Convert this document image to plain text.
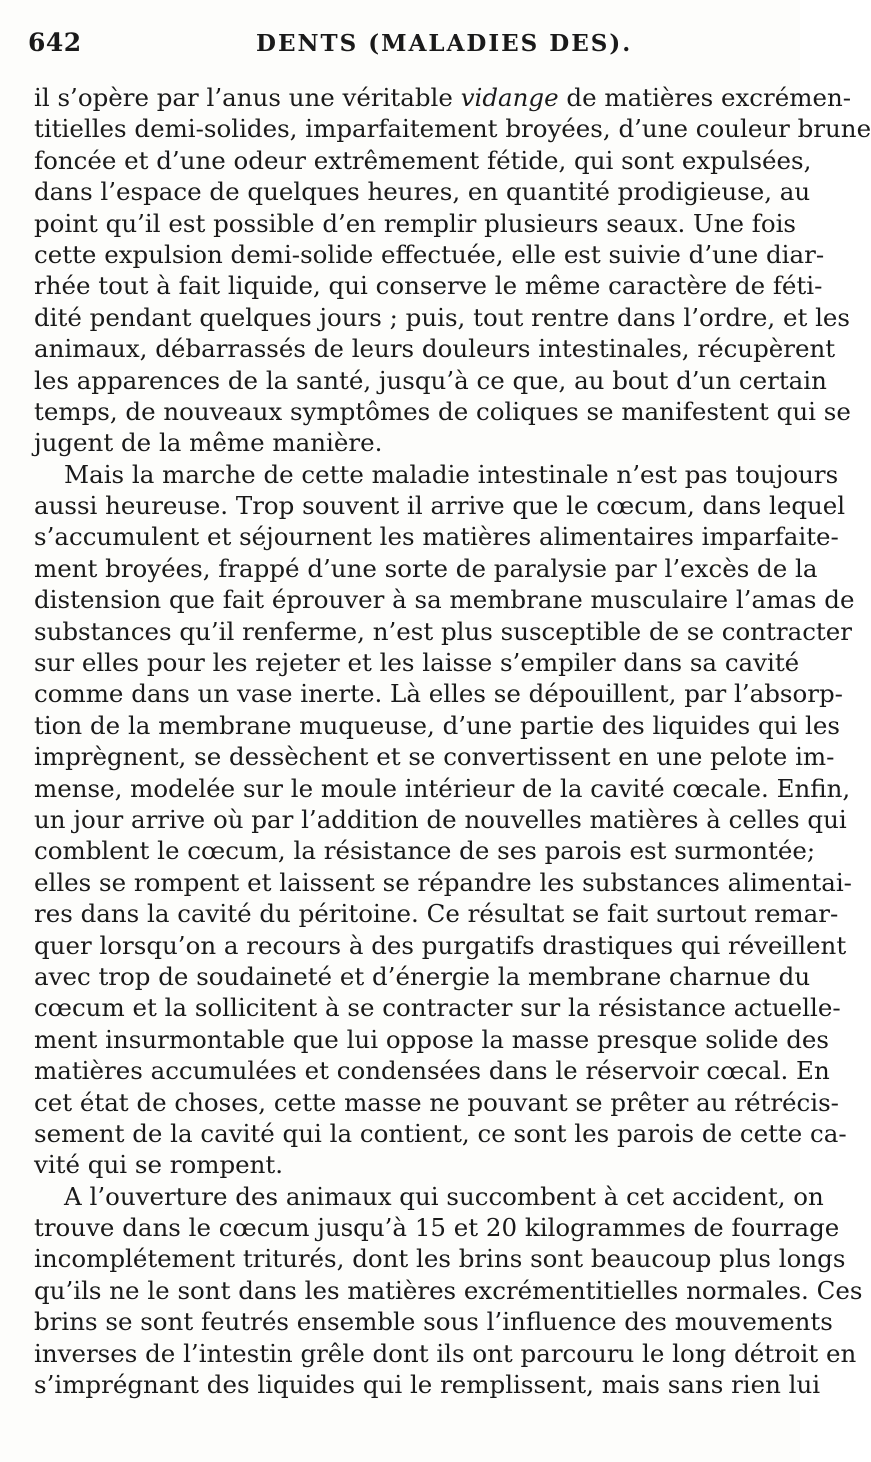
642	DENTS (MALADIES DES).
il s’opère par l’anus une véritable vidange de matières excrémen-
titielles demi-solides, imparfaitement broyées, d’une couleur brune
foncée et d’une odeur extrêmement fétide, qui sont expulsées,
dans l’espace de quelques heures, en quantité prodigieuse, au
point qu’il est possible d’en remplir plusieurs seaux. Une fois
cette expulsion demi-solide effectuée, elle est suivie d’une diar-
rhée tout à fait liquide, qui conserve le même caractère de féti-
dité pendant quelques jours ; puis, tout rentre dans l’ordre, et les
animaux, débarrassés de leurs douleurs intestinales, récupèrent
les apparences de la santé, jusqu’à ce que, au bout d’un certain
temps, de nouveaux symptômes de coliques se manifestent qui se
jugent de la même manière.
Mais la marche de cette maladie intestinale n’est pas toujours
aussi heureuse. Trop souvent il arrive que le cœcum, dans lequel
s’accumulent et séjournent les matières alimentaires imparfaite-
ment broyées, frappé d’une sorte de paralysie par l’excès de la
distension que fait éprouver à sa membrane musculaire l’amas de
substances qu’il renferme, n’est plus susceptible de se contracter
sur elles pour les rejeter et les laisse s’empiler dans sa cavité
comme dans un vase inerte. Là elles se dépouillent, par l’absorp-
tion de la membrane muqueuse, d’une partie des liquides qui les
imprègnent, se dessèchent et se convertissent en une pelote im-
mense, modelée sur le moule intérieur de la cavité cœcale. Enfin,
un jour arrive où par l’addition de nouvelles matières à celles qui
comblent le cœcum, la résistance de ses parois est surmontée;
elles se rompent et laissent se répandre les substances alimentai-
res dans la cavité du péritoine. Ce résultat se fait surtout remar-
quer lorsqu’on a recours à des purgatifs drastiques qui réveillent
avec trop de soudaineté et d’énergie la membrane charnue du
cœcum et la sollicitent à se contracter sur la résistance actuelle-
ment insurmontable que lui oppose la masse presque solide des
matières accumulées et condensées dans le réservoir cœcal. En
cet état de choses, cette masse ne pouvant se prêter au rétrécis-
sement de la cavité qui la contient, ce sont les parois de cette ca-
vité qui se rompent.
A l’ouverture des animaux qui succombent à cet accident, on
trouve dans le cœcum jusqu’à 15 et 20 kilogrammes de fourrage
incomplétement triturés, dont les brins sont beaucoup plus longs
qu’ils ne le sont dans les matières excrémentitielles normales. Ces
brins se sont feutrés ensemble sous l’influence des mouvements
inverses de l’intestin grêle dont ils ont parcouru le long détroit en
s’imprégnant des liquides qui le remplissent, mais sans rien lui
